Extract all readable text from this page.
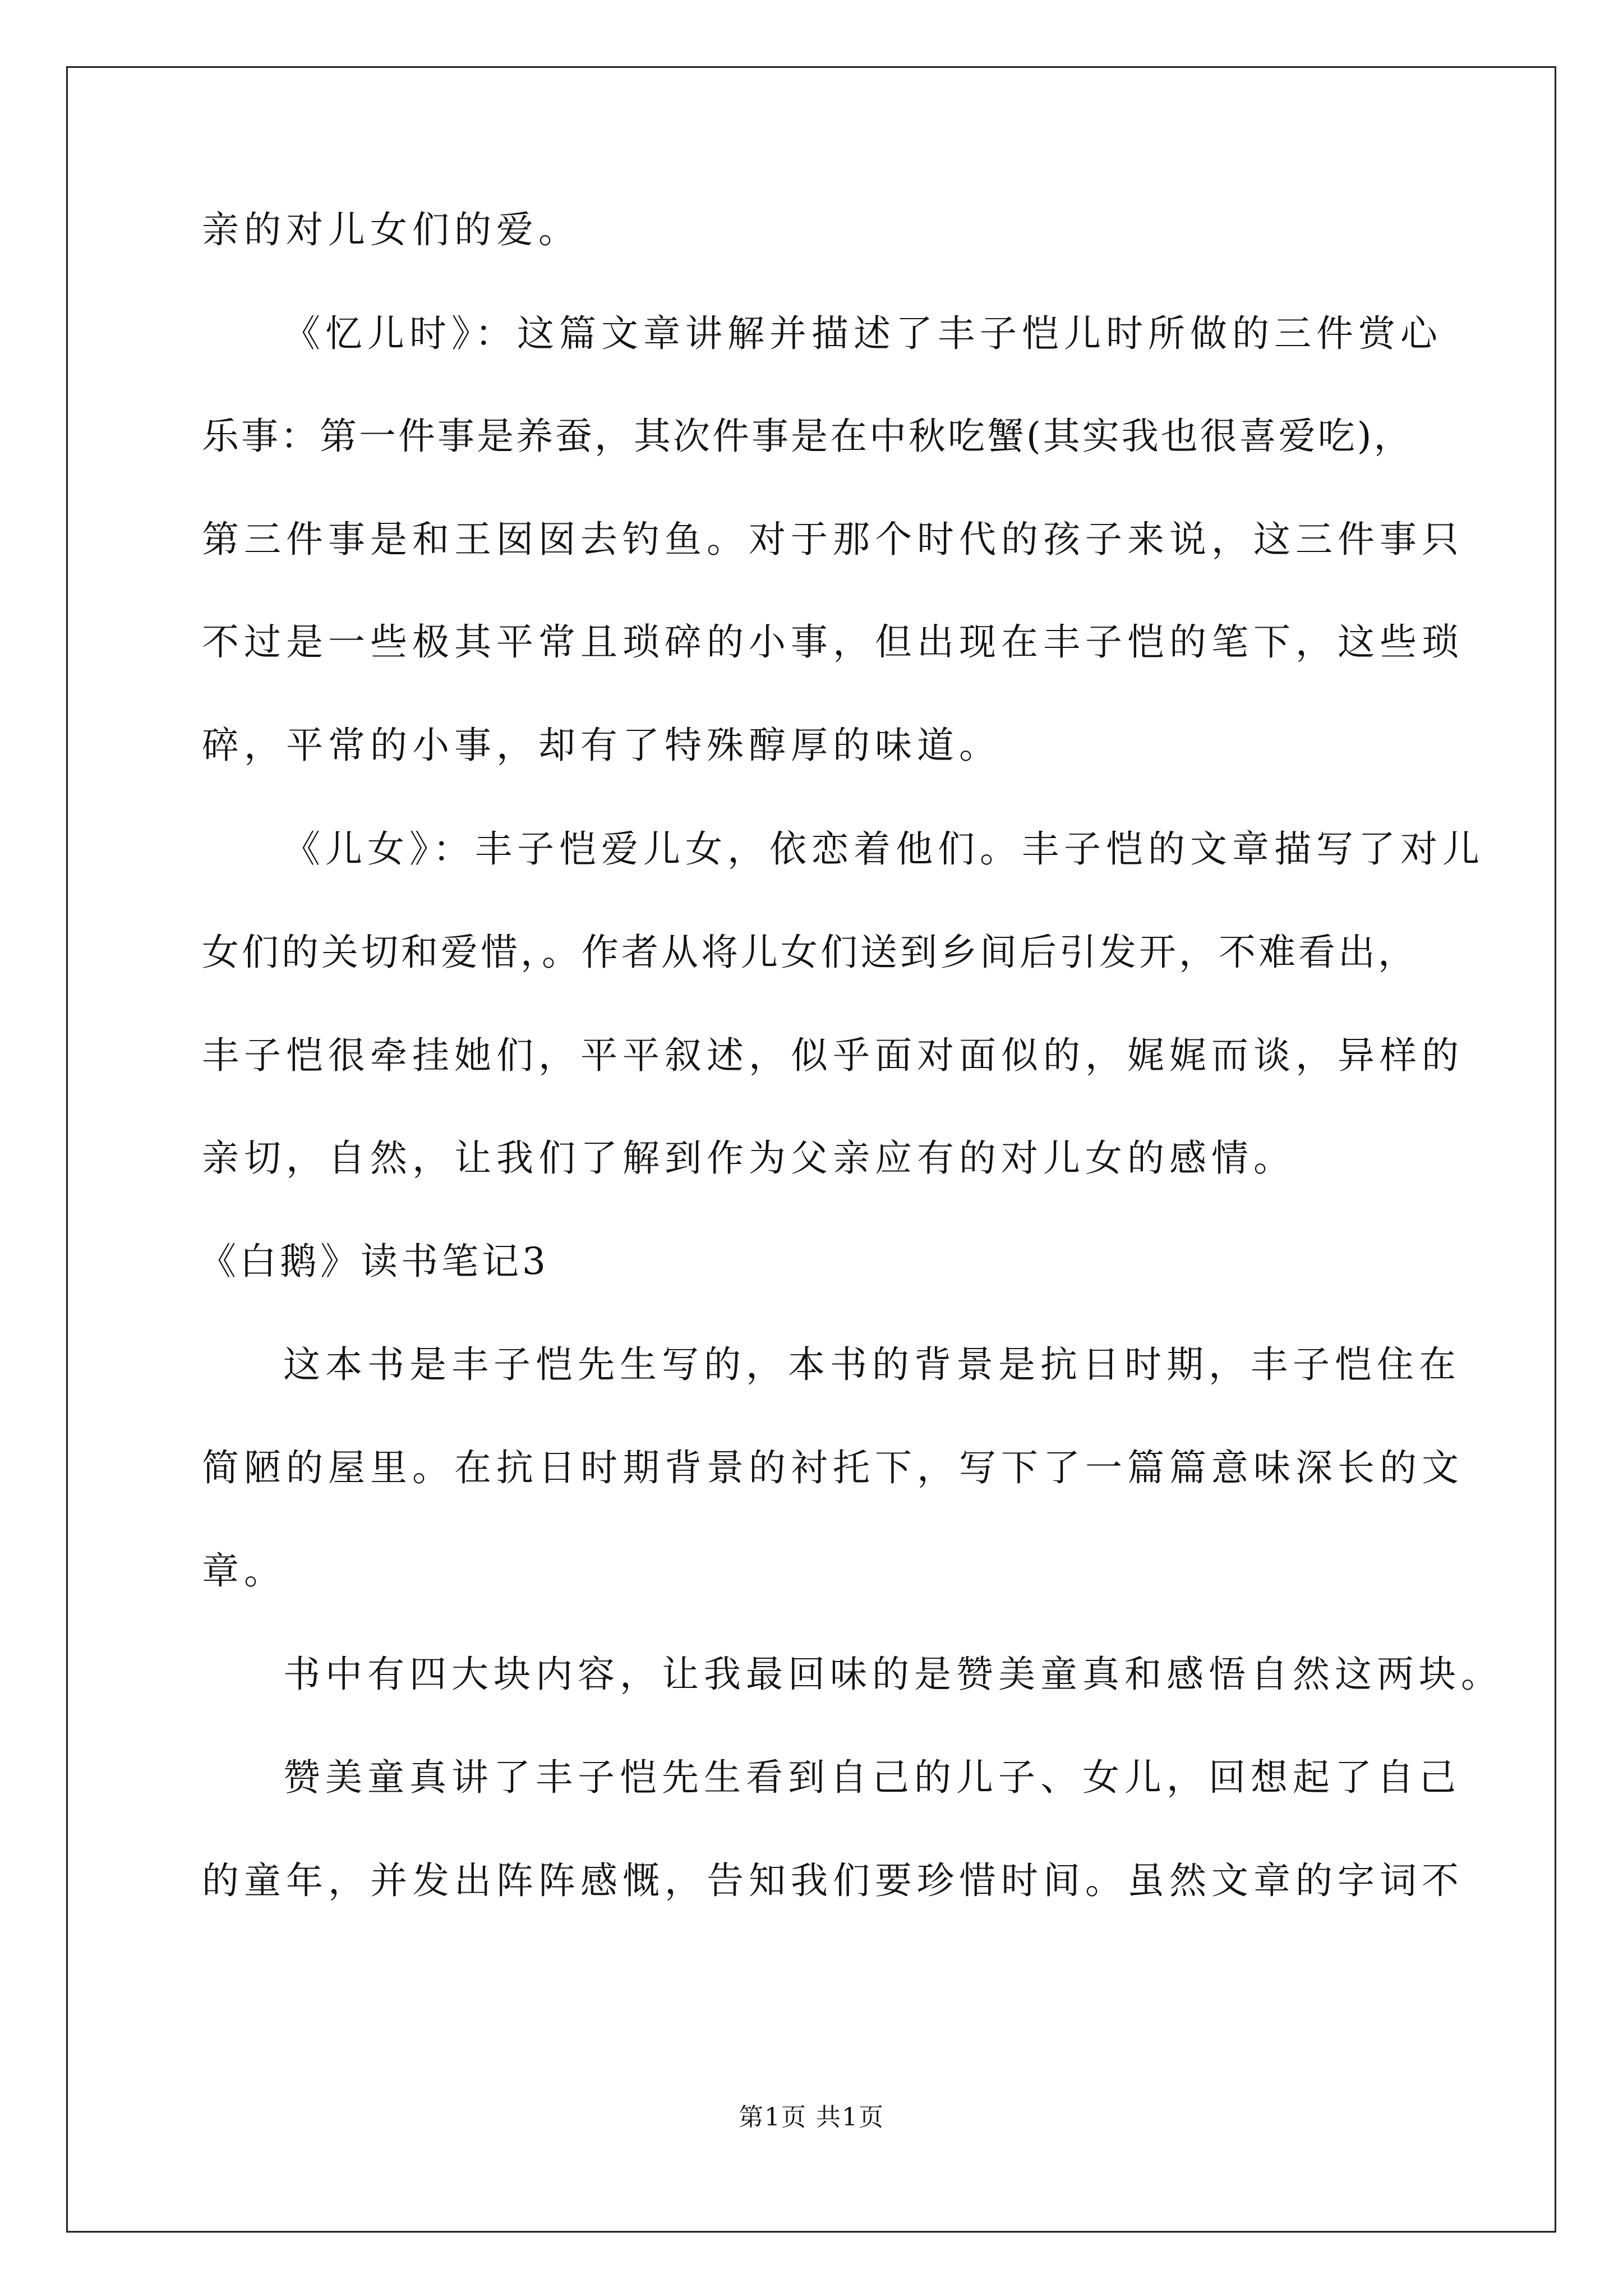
亲的对儿女们的爱。

《忆儿时》：这篇文章讲解并描述了丰子恺儿时所做的三件赏心

乐事：第一件事是养蚕，其次件事是在中秋吃蟹(其实我也很喜爱吃)，

第三件事是和王囡囡去钓鱼。对于那个时代的孩子来说，这三件事只

不过是一些极其平常且琐碎的小事，但出现在丰子恺的笔下，这些琐

碎，平常的小事，却有了特殊醇厚的味道。

《儿女》：丰子恺爱儿女，依恋着他们。丰子恺的文章描写了对儿

女们的关切和爱惜，。作者从将儿女们送到乡间后引发开，不难看出，

丰子恺很牵挂她们，平平叙述，似乎面对面似的，娓娓而谈，异样的

亲切，自然，让我们了解到作为父亲应有的对儿女的感情。

《白鹅》读书笔记3

这本书是丰子恺先生写的，本书的背景是抗日时期，丰子恺住在

简陋的屋里。在抗日时期背景的衬托下，写下了一篇篇意味深长的文

章。

书中有四大块内容，让我最回味的是赞美童真和感悟自然这两块。

赞美童真讲了丰子恺先生看到自己的儿子、女儿，回想起了自己

的童年，并发出阵阵感慨，告知我们要珍惜时间。虽然文章的字词不

第1页 共1页
